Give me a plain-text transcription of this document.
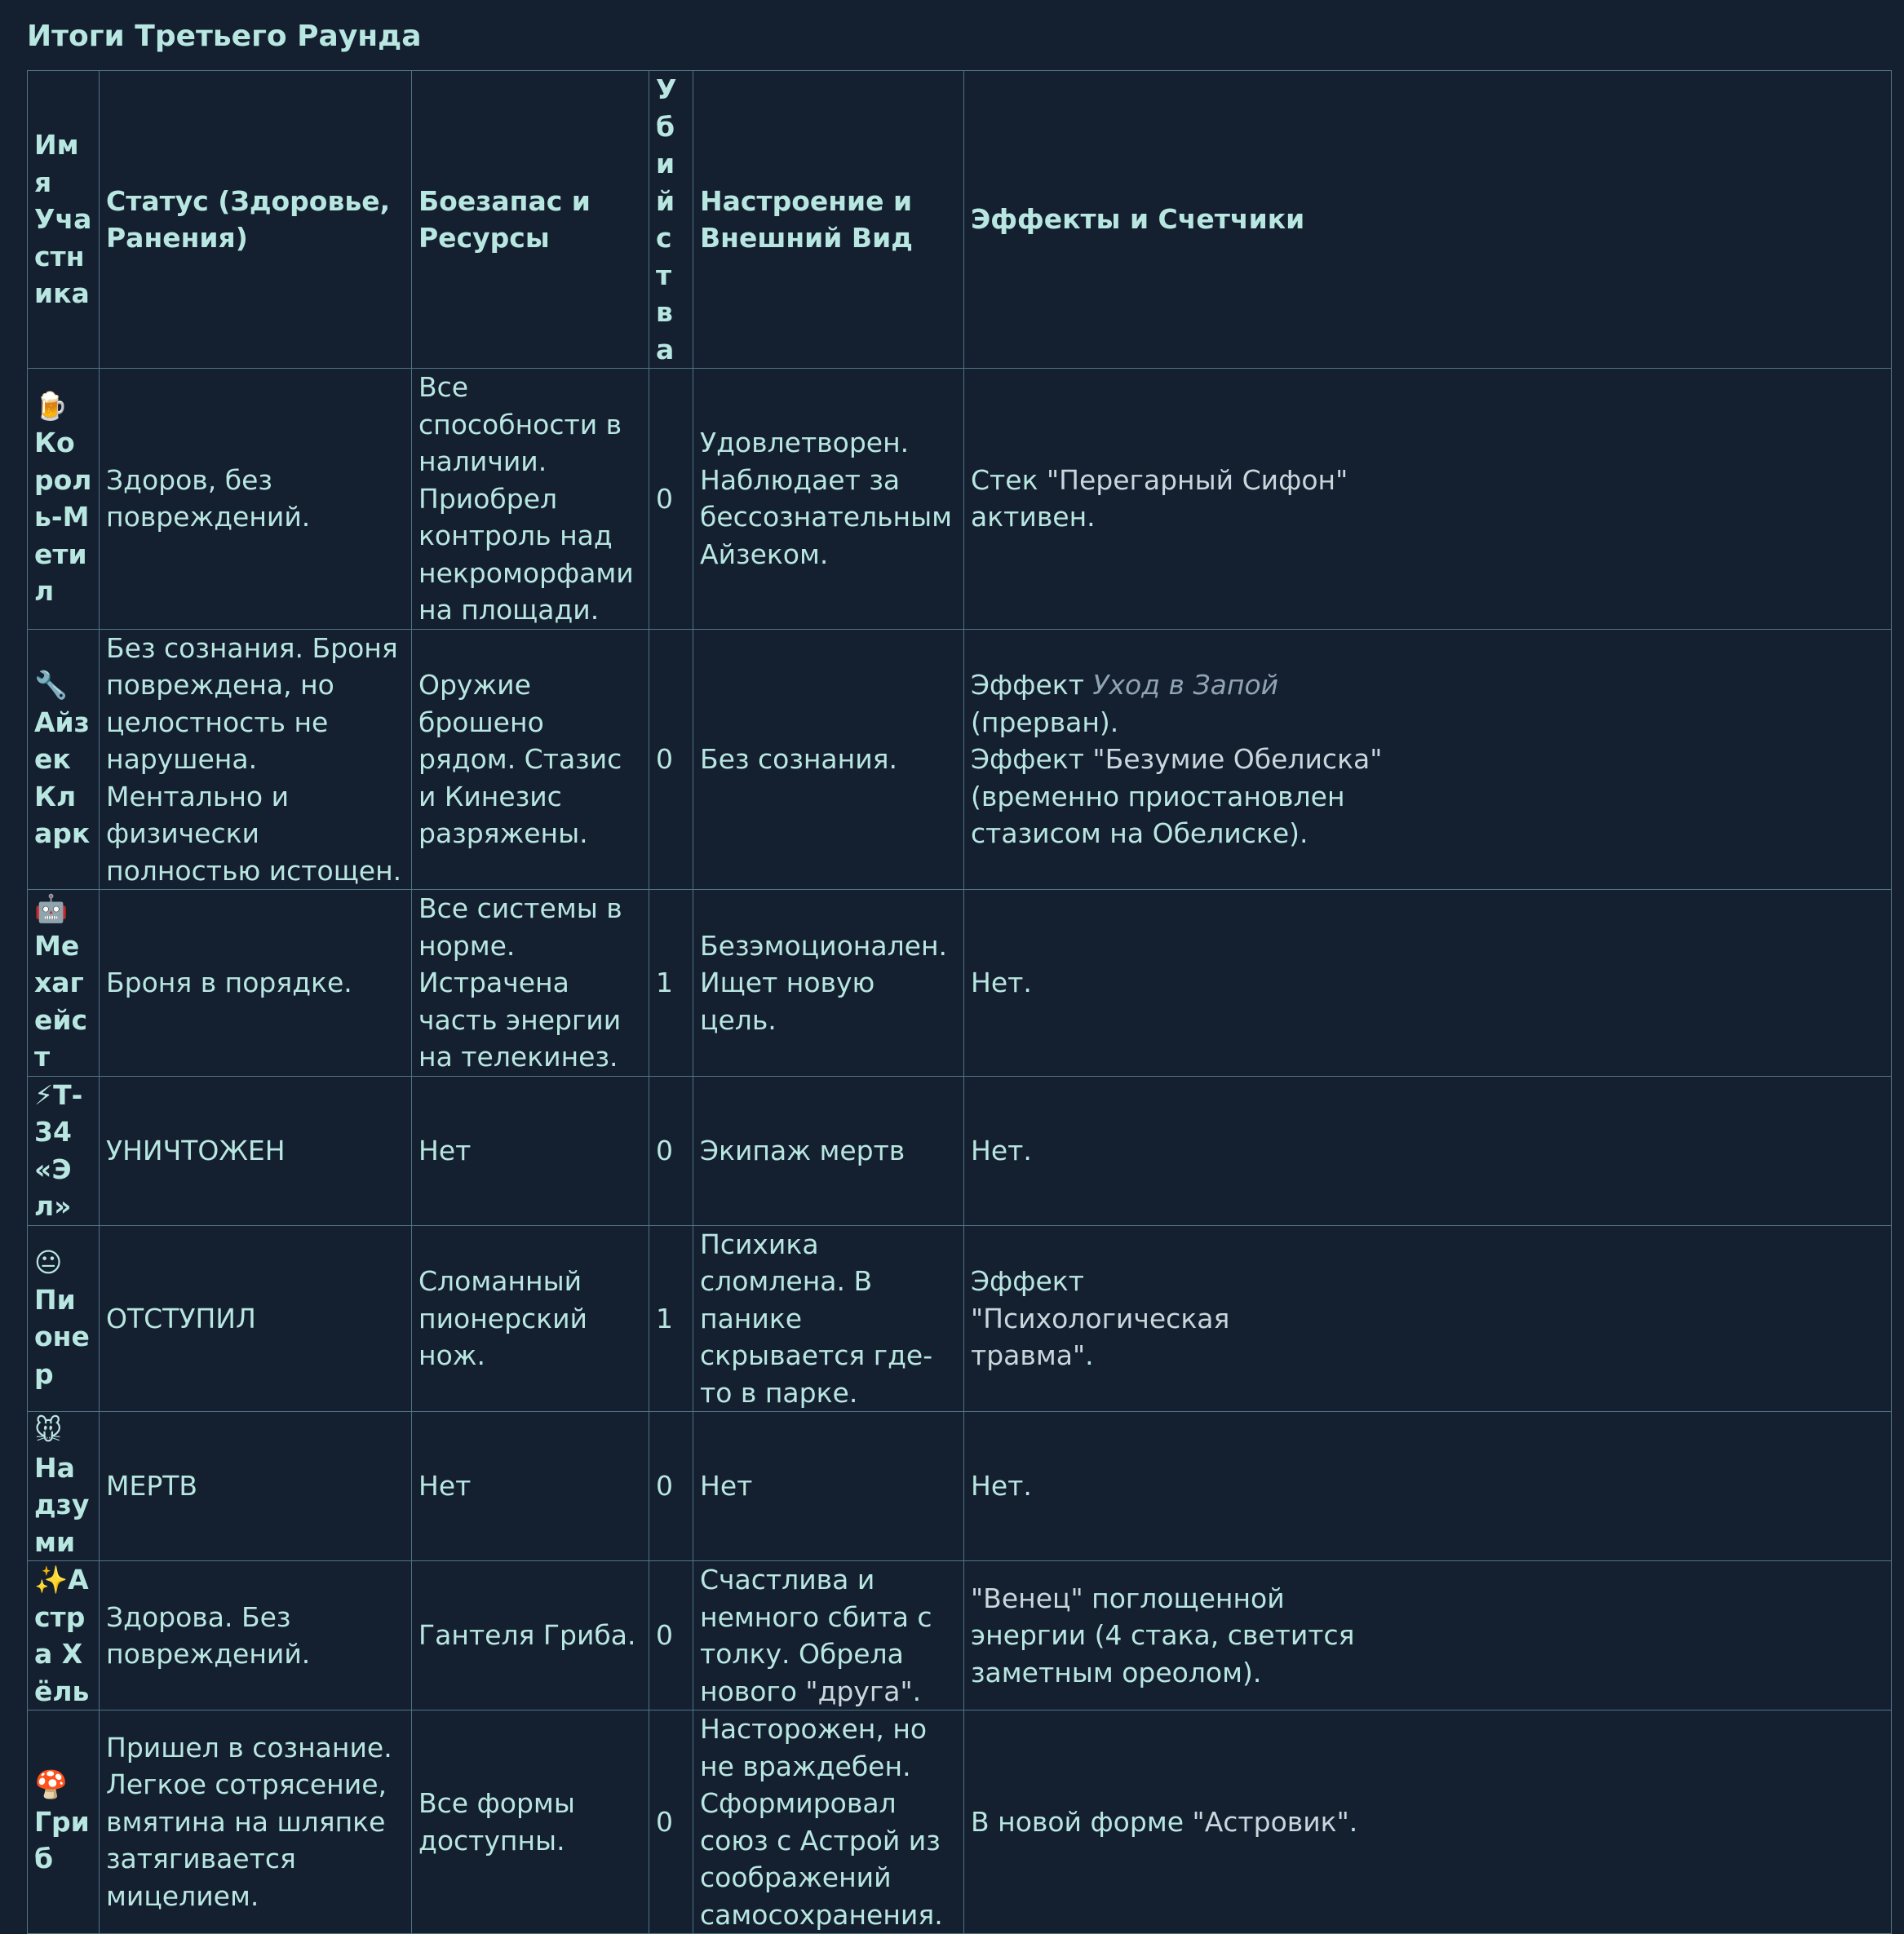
Итоги Третьего Раунда
Имя Участника	Статус (Здоровье, Ранения)	Боезапас и Ресурсы	Убийства	Настроение и Внешний Вид	Эффекты и Счетчики
🍺
Король-Метил	Здоров, без повреждений.	Все способности в наличии. Приобрел контроль над некроморфами на площади.	0	Удовлетворен. Наблюдает за бессознательным Айзеком.	Стек "Перегарный Сифон" активен.
🔧
Айзек Кларк	Без сознания. Броня повреждена, но целостность не нарушена. Ментально и физически полностью истощен.	Оружие брошено рядом. Стазис и Кинезис разряжены.	0	Без сознания.	Эффект Уход в Запой (прерван).
Эффект "Безумие Обелиска" (временно приостановлен стазисом на Обелиске).
🤖
Мехагейст	Броня в порядке.	Все системы в норме. Истрачена часть энергии на телекинез.	1	Безэмоционален. Ищет новую цель.	Нет.
⚡Т-34 «Эл»	УНИЧТОЖЕН	Нет	0	Экипаж мертв	Нет.
😐
Пионер	ОТСТУПИЛ	Сломанный пионерский нож.	1	Психика сломлена. В панике скрывается где-то в парке.	Эффект "Психологическая травма".
🐭
Надзуми	МЕРТВ	Нет	0	Нет	Нет.
✨Астра Хёль	Здорова. Без повреждений.	Гантеля Гриба.	0	Счастлива и немного сбита с толку. Обрела нового "друга".	"Венец" поглощенной энергии (4 стака, светится заметным ореолом).
🍄
Гриб	Пришел в сознание. Легкое сотрясение, вмятина на шляпке затягивается мицелием.	Все формы доступны.	0	Насторожен, но не враждебен. Сформировал союз с Астрой из соображений самосохранения.	В новой форме "Астровик".
